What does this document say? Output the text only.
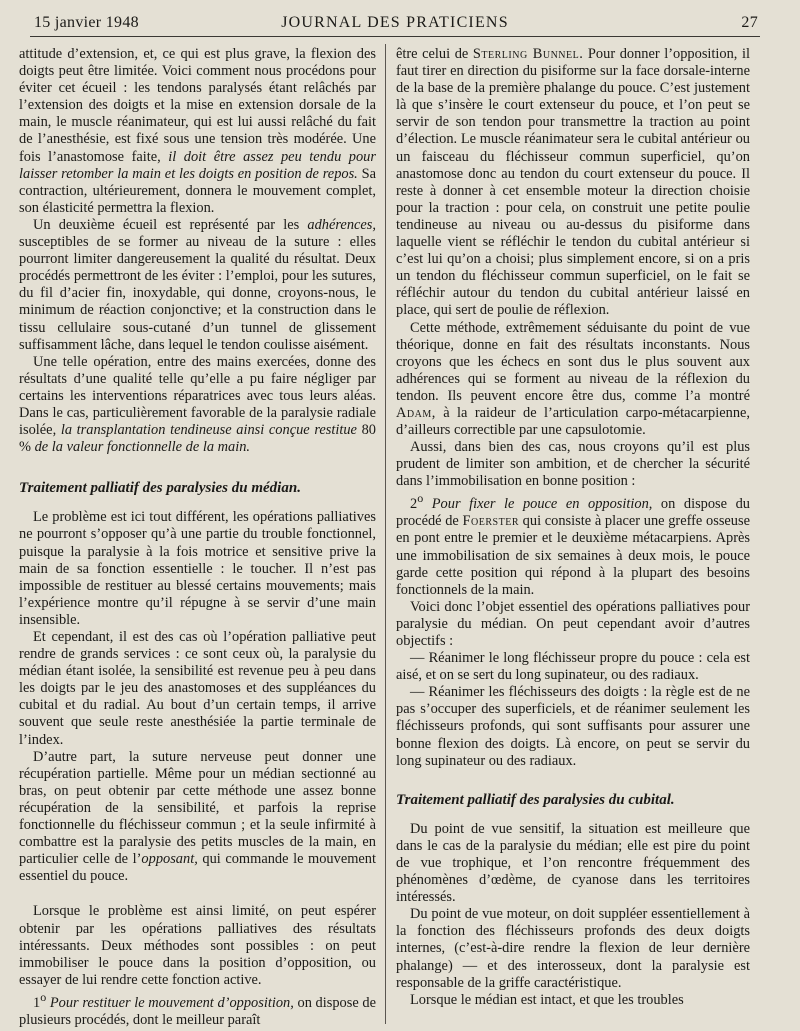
15 janvier 1948	JOURNAL DES PRATICIENS	27

attitude d’extension, et, ce qui est plus grave, la flexion des doigts peut être limitée. Voici comment nous procédons pour éviter cet écueil : les tendons paralysés étant relâchés par l’extension des doigts et la mise en extension dorsale de la main, le muscle réanimateur, qui est lui aussi relâché du fait de l’anesthésie, est fixé sous une tension très modérée. Une fois l’anastomose faite, il doit être assez peu tendu pour laisser retomber la main et les doigts en position de repos. Sa contraction, ultérieurement, donnera le mouvement complet, son élasticité permettra la flexion.

Un deuxième écueil est représenté par les adhérences, susceptibles de se former au niveau de la suture : elles pourront limiter dangereusement la qualité du résultat. Deux procédés permettront de les éviter : l’emploi, pour les sutures, du fil d’acier fin, inoxydable, qui donne, croyons-nous, le minimum de réaction conjonctive; et la construction dans le tissu cellulaire sous-cutané d’un tunnel de glissement suffisamment lâche, dans lequel le tendon coulisse aisément.

Une telle opération, entre des mains exercées, donne des résultats d’une qualité telle qu’elle a pu faire négliger par certains les interventions réparatrices avec tous leurs aléas. Dans le cas, particulièrement favorable de la paralysie radiale isolée, la transplantation tendineuse ainsi conçue restitue 80 % de la valeur fonctionnelle de la main.

Traitement palliatif des paralysies du médian.

Le problème est ici tout différent, les opérations palliatives ne pourront s’opposer qu’à une partie du trouble fonctionnel, puisque la paralysie à la fois motrice et sensitive prive la main de sa fonction essentielle : le toucher. Il n’est pas impossible de restituer au blessé certains mouvements; mais l’expérience montre qu’il répugne à se servir d’une main insensible.

Et cependant, il est des cas où l’opération palliative peut rendre de grands services : ce sont ceux où, la paralysie du médian étant isolée, la sensibilité est revenue peu à peu dans les doigts par le jeu des anastomoses et des suppléances du cubital et du radial. Au bout d’un certain temps, il arrive souvent que seule reste anesthésiée la partie terminale de l’index.

D’autre part, la suture nerveuse peut donner une récupération partielle. Même pour un médian sectionné au bras, on peut obtenir par cette méthode une assez bonne récupération de la sensibilité, et parfois la reprise fonctionnelle du fléchisseur commun ; et la seule infirmité à combattre est la paralysie des petits muscles de la main, en particulier celle de l’opposant, qui commande le mouvement essentiel du pouce.

Lorsque le problème est ainsi limité, on peut espérer obtenir par les opérations palliatives des résultats intéressants. Deux méthodes sont possibles : on peut immobiliser le pouce dans la position d’opposition, ou essayer de lui rendre cette fonction active.

1$^o$ Pour restituer le mouvement d’opposition, on dispose de plusieurs procédés, dont le meilleur paraît

être celui de Sterling Bunnel. Pour donner l’opposition, il faut tirer en direction du pisiforme sur la face dorsale-interne de la base de la première phalange du pouce. C’est justement là que s’insère le court extenseur du pouce, et l’on peut se servir de son tendon pour transmettre la traction au point d’élection. Le muscle réanimateur sera le cubital antérieur ou un faisceau du fléchisseur commun superficiel, qu’on anastomose donc au tendon du court extenseur du pouce. Il reste à donner à cet ensemble moteur la direction choisie pour la traction : pour cela, on construit une petite poulie tendineuse au niveau ou au-dessus du pisiforme dans laquelle vient se réfléchir le tendon du cubital antérieur si c’est lui qu’on a choisi; plus simplement encore, si on a pris un tendon du fléchisseur commun superficiel, on le fait se réfléchir autour du tendon du cubital antérieur laissé en place, qui sert de poulie de réflexion.

Cette méthode, extrêmement séduisante du point de vue théorique, donne en fait des résultats inconstants. Nous croyons que les échecs en sont dus le plus souvent aux adhérences qui se forment au niveau de la réflexion du tendon. Ils peuvent encore être dus, comme l’a montré Adam, à la raideur de l’articulation carpo-métacarpienne, d’ailleurs correctible par une capsulotomie.

Aussi, dans bien des cas, nous croyons qu’il est plus prudent de limiter son ambition, et de chercher la sécurité dans l’immobilisation en bonne position :

2$^o$ Pour fixer le pouce en opposition, on dispose du procédé de Foerster qui consiste à placer une greffe osseuse en pont entre le premier et le deuxième métacarpiens. Après une immobilisation de six semaines à deux mois, le pouce garde cette position qui répond à la plupart des besoins fonctionnels de la main.

Voici donc l’objet essentiel des opérations palliatives pour paralysie du médian. On peut cependant avoir d’autres objectifs :

— Réanimer le long fléchisseur propre du pouce : cela est aisé, et on se sert du long supinateur, ou des radiaux.

— Réanimer les fléchisseurs des doigts : la règle est de ne pas s’occuper des superficiels, et de réanimer seulement les fléchisseurs profonds, qui sont suffisants pour assurer une bonne flexion des doigts. Là encore, on peut se servir du long supinateur ou des radiaux.

Traitement palliatif des paralysies du cubital.

Du point de vue sensitif, la situation est meilleure que dans le cas de la paralysie du médian; elle est pire du point de vue trophique, et l’on rencontre fréquemment des phénomènes d’œdème, de cyanose dans les territoires intéressés.

Du point de vue moteur, on doit suppléer essentiellement à la fonction des fléchisseurs profonds des deux doigts internes, (c’est-à-dire rendre la flexion de leur dernière phalange) — et des interosseux, dont la paralysie est responsable de la griffe caractéristique.

Lorsque le médian est intact, et que les troubles
